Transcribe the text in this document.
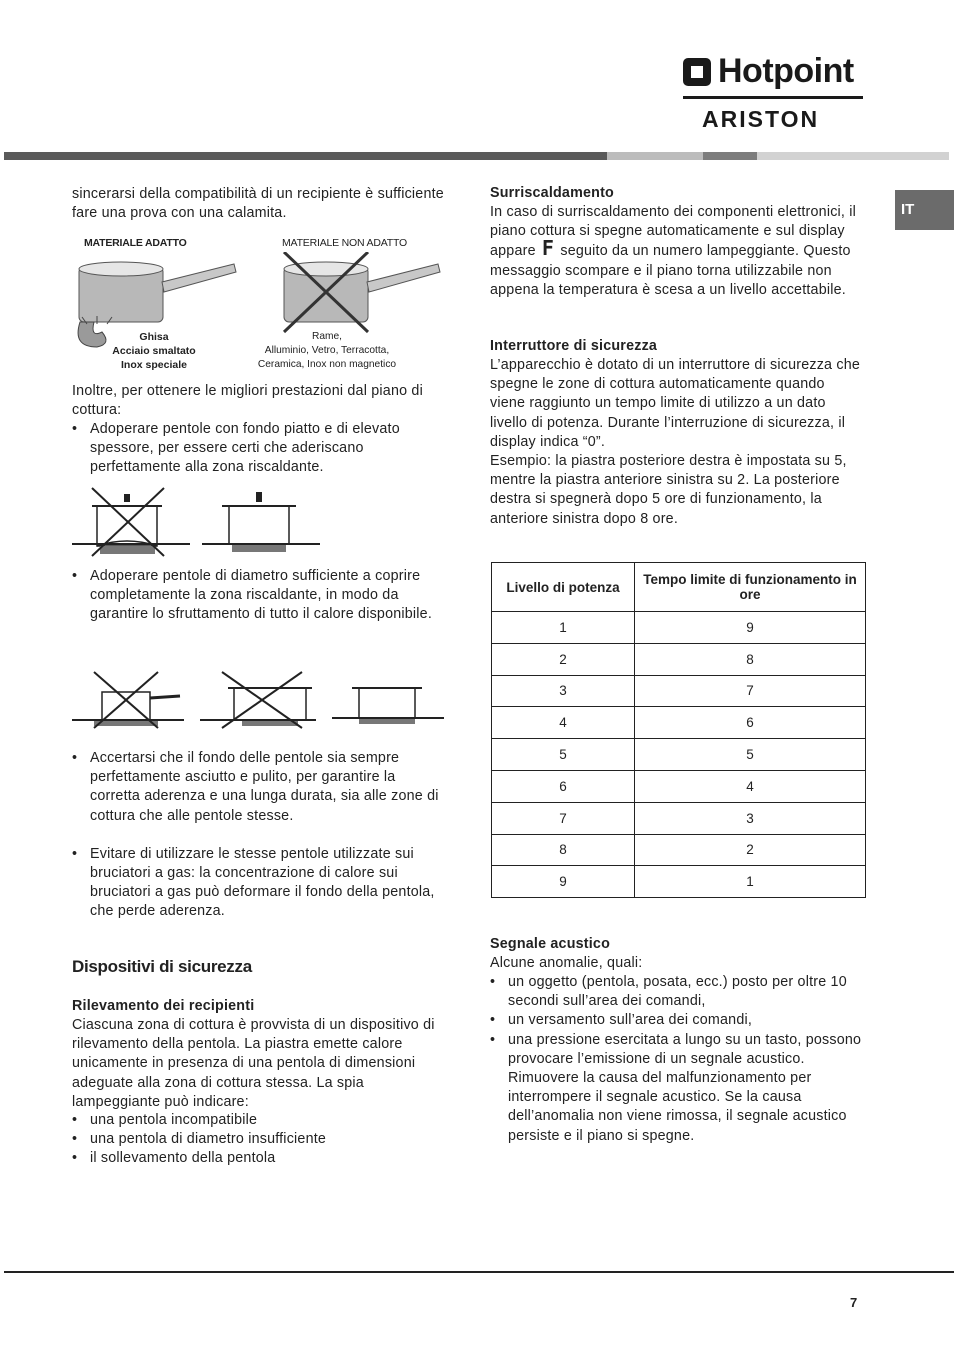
Hotpoint
ARISTON
IT
sincerarsi della compatibilità di un recipiente è sufficiente fare una prova con una calamita.
MATERIALE ADATTO	MATERIALE NON ADATTO
Ghisa
Acciaio smaltato
Inox speciale
Rame,
Alluminio, Vetro, Terracotta,
Ceramica, Inox non magnetico
Inoltre, per ottenere le migliori prestazioni dal piano di cottura:
• Adoperare pentole con fondo piatto e di elevato spessore, per essere certi che aderiscano perfettamente alla zona riscaldante.
• Adoperare pentole di diametro sufficiente a coprire completamente la zona riscaldante, in modo da
garantire lo sfruttamento di tutto il calore disponibile.
• Accertarsi che il fondo delle pentole sia sempre perfettamente asciutto e pulito, per garantire la corretta aderenza e una lunga durata, sia alle zone di cottura che alle pentole stesse.
• Evitare di utilizzare le stesse pentole utilizzate sui bruciatori a gas: la concentrazione di calore sui
bruciatori a gas può deformare il fondo della pentola, che perde aderenza.
Dispositivi di sicurezza
Rilevamento dei recipienti
Ciascuna zona di cottura è provvista di un dispositivo di rilevamento della pentola. La piastra emette calore unicamente in presenza di una pentola di dimensioni adeguate alla zona di cottura stessa. La spia lampeggiante può indicare:
• una pentola incompatibile
• una pentola di diametro insufficiente
• il sollevamento della pentola
Surriscaldamento
In caso di surriscaldamento dei componenti elettronici, il piano cottura si spegne automaticamente e sul display appare F seguito da un numero lampeggiante. Questo messaggio scompare e il piano torna utilizzabile non appena la temperatura è scesa a un livello accettabile.
Interruttore di sicurezza
L’apparecchio è dotato di un interruttore di sicurezza che spegne le zone di cottura automaticamente quando viene raggiunto un tempo limite di utilizzo a un dato livello di potenza. Durante l’interruzione di sicurezza, il display indica “0”.
Esempio: la piastra posteriore destra è impostata su 5, mentre la piastra anteriore sinistra su 2. La posteriore destra si spegnerà dopo 5 ore di funzionamento, la anteriore sinistra dopo 8 ore.
Livello di potenza	Tempo limite di funzionamento in ore
1	9
2	8
3	7
4	6
5	5
6	4
7	3
8	2
9	1
Segnale acustico
Alcune anomalie, quali:
• un oggetto (pentola, posata, ecc.) posto per oltre 10 secondi sull’area dei comandi,
• un versamento sull’area dei comandi,
• una pressione esercitata a lungo su un tasto, possono provocare l’emissione di un segnale acustico. Rimuovere la causa del malfunzionamento per interrompere il segnale acustico. Se la causa dell’anomalia non viene rimossa, il segnale acustico persiste e il piano si spegne.
7
